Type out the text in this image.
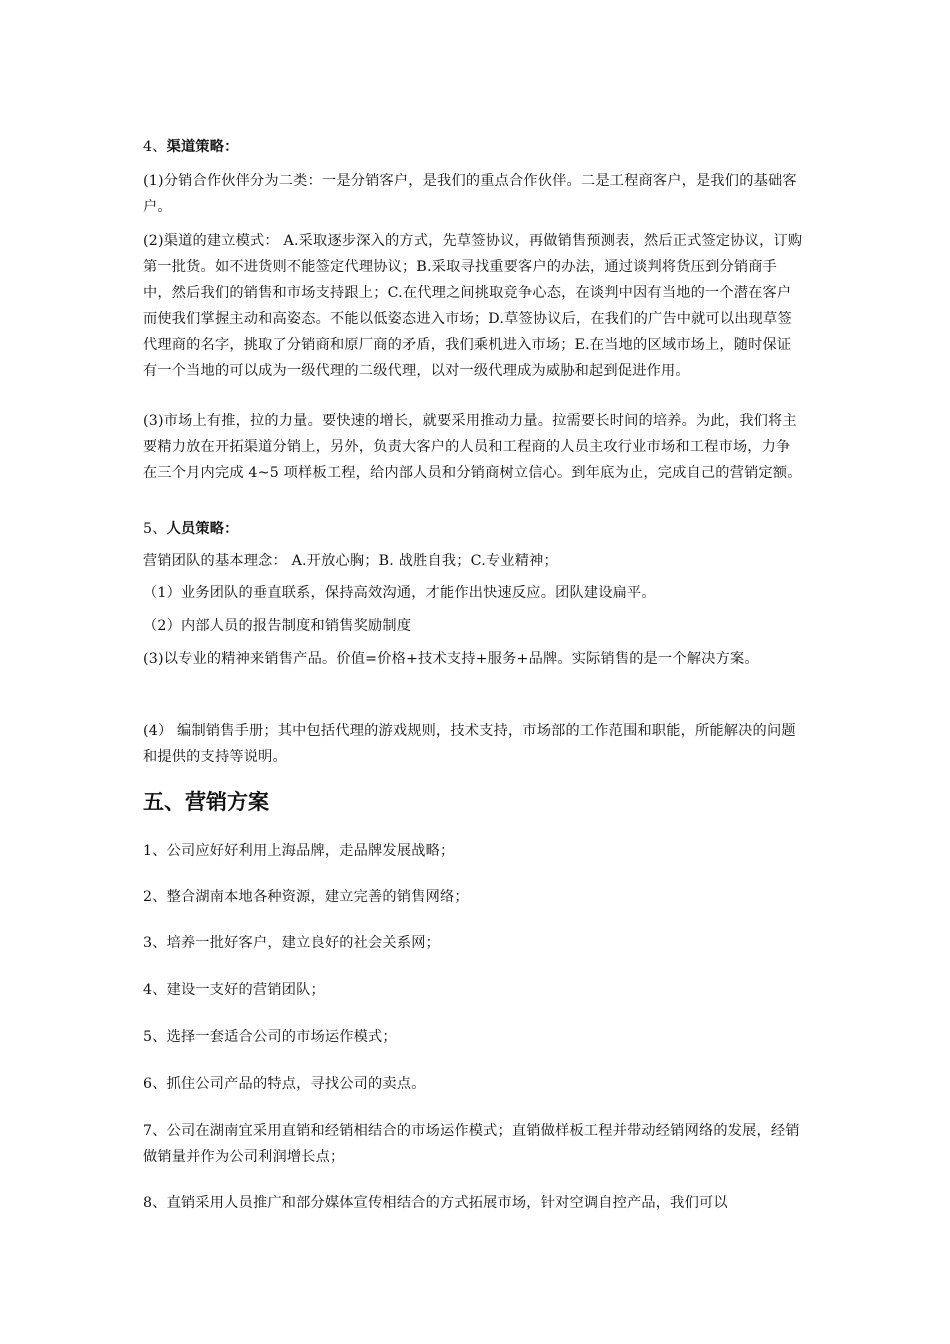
4、渠道策略：
(1)分销合作伙伴分为二类：一是分销客户，是我们的重点合作伙伴。二是工程商客户，是我们的基础客户。
(2)渠道的建立模式： A.采取逐步深入的方式，先草签协议，再做销售预测表，然后正式签定协议，订购第一批货。如不进货则不能签定代理协议；B.采取寻找重要客户的办法，通过谈判将货压到分销商手中，然后我们的销售和市场支持跟上；C.在代理之间挑取竞争心态，在谈判中因有当地的一个潜在客户而使我们掌握主动和高姿态。不能以低姿态进入市场；D.草签协议后，在我们的广告中就可以出现草签代理商的名字，挑取了分销商和原厂商的矛盾，我们乘机进入市场；E.在当地的区域市场上，随时保证有一个当地的可以成为一级代理的二级代理，以对一级代理成为威胁和起到促进作用。
(3)市场上有推，拉的力量。要快速的增长，就要采用推动力量。拉需要长时间的培养。为此，我们将主要精力放在开拓渠道分销上，另外，负责大客户的人员和工程商的人员主攻行业市场和工程市场，力争在三个月内完成 4~5 项样板工程，给内部人员和分销商树立信心。到年底为止，完成自己的营销定额。
5、人员策略：
营销团队的基本理念： A.开放心胸；B. 战胜自我；C.专业精神；
（1）业务团队的垂直联系，保持高效沟通，才能作出快速反应。团队建设扁平。
（2）内部人员的报告制度和销售奖励制度
(3)以专业的精神来销售产品。价值=价格+技术支持+服务+品牌。实际销售的是一个解决方案。
(4） 编制销售手册；其中包括代理的游戏规则，技术支持，市场部的工作范围和职能，所能解决的问题和提供的支持等说明。
五、营销方案
1、公司应好好利用上海品牌，走品牌发展战略；
2、整合湖南本地各种资源，建立完善的销售网络；
3、培养一批好客户，建立良好的社会关系网；
4、建设一支好的营销团队；
5、选择一套适合公司的市场运作模式；
6、抓住公司产品的特点，寻找公司的卖点。
7、公司在湖南宜采用直销和经销相结合的市场运作模式；直销做样板工程并带动经销网络的发展，经销做销量并作为公司利润增长点；
8、直销采用人员推广和部分媒体宣传相结合的方式拓展市场，针对空调自控产品，我们可以
